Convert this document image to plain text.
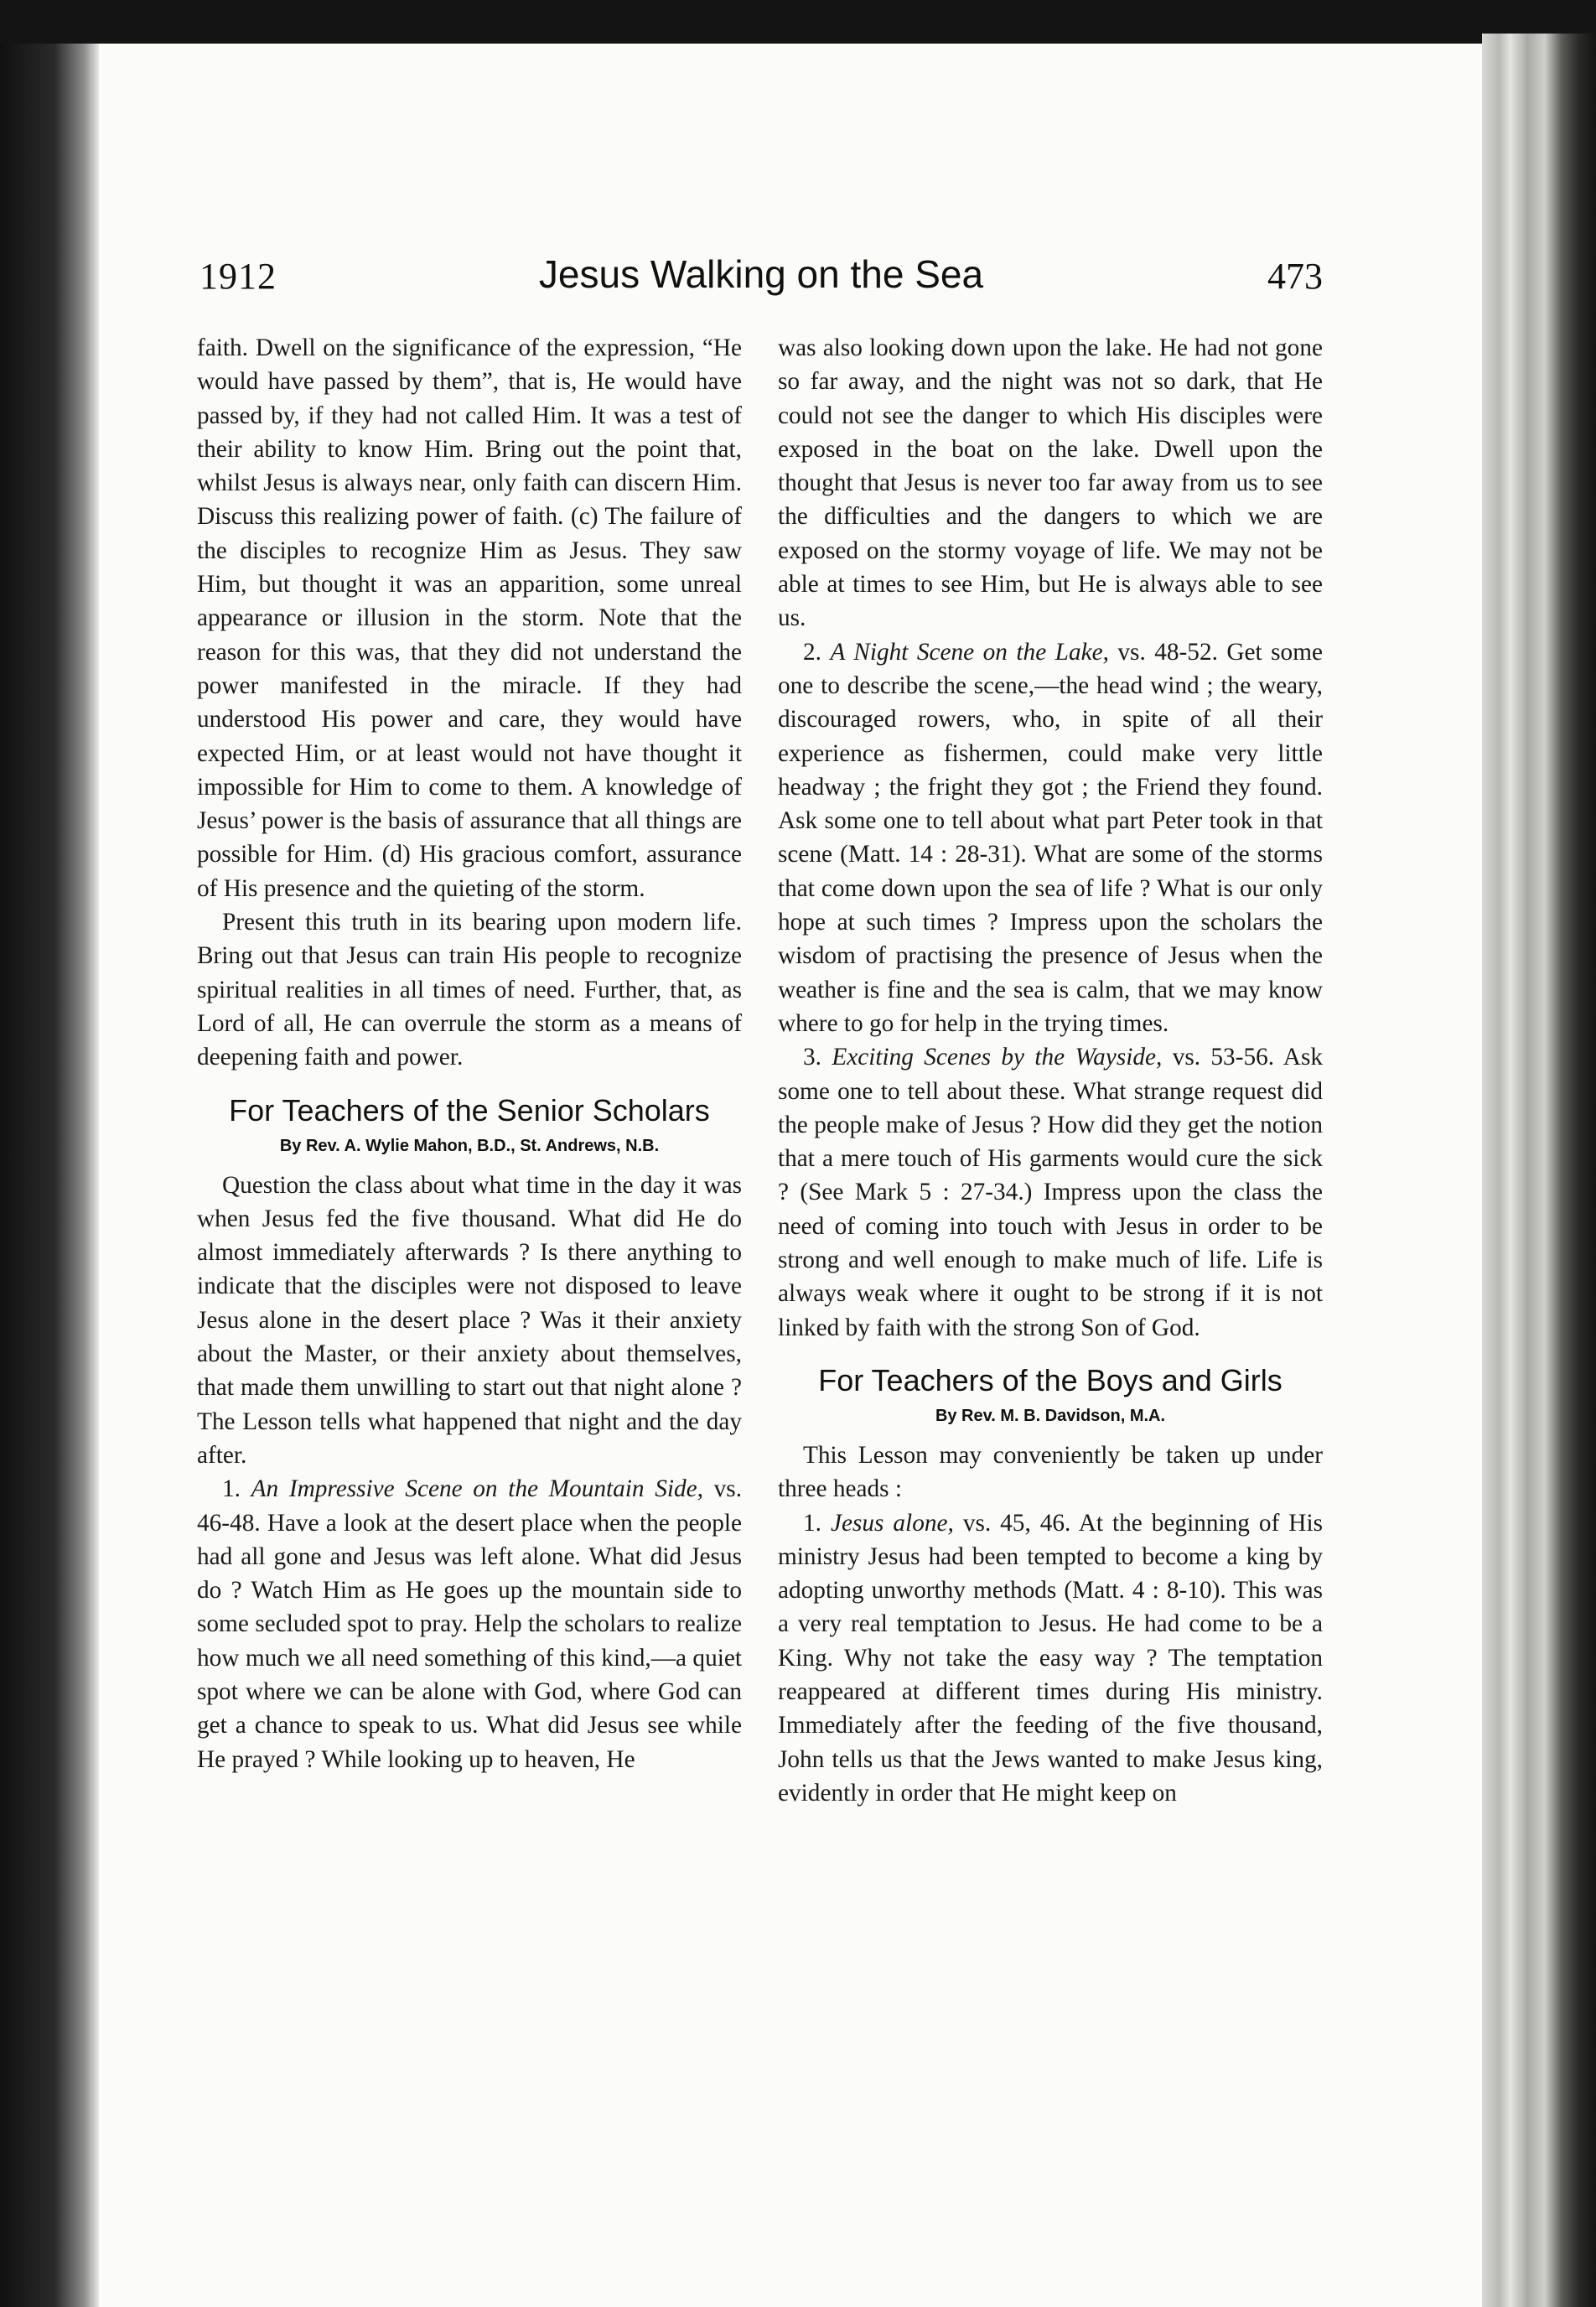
1912	Jesus Walking on the Sea	473

faith. Dwell on the significance of the expression, “He would have passed by them”, that is, He would have passed by, if they had not called Him. It was a test of their ability to know Him. Bring out the point that, whilst Jesus is always near, only faith can discern Him. Discuss this realizing power of faith. (c) The failure of the disciples to recognize Him as Jesus. They saw Him, but thought it was an apparition, some unreal appearance or illusion in the storm. Note that the reason for this was, that they did not understand the power manifested in the miracle. If they had understood His power and care, they would have expected Him, or at least would not have thought it impossible for Him to come to them. A knowledge of Jesus’ power is the basis of assurance that all things are possible for Him. (d) His gracious comfort, assurance of His presence and the quieting of the storm.

Present this truth in its bearing upon modern life. Bring out that Jesus can train His people to recognize spiritual realities in all times of need. Further, that, as Lord of all, He can overrule the storm as a means of deepening faith and power.

For Teachers of the Senior Scholars
By Rev. A. Wylie Mahon, B.D., St. Andrews, N.B.

Question the class about what time in the day it was when Jesus fed the five thousand. What did He do almost immediately afterwards ? Is there anything to indicate that the disciples were not disposed to leave Jesus alone in the desert place ? Was it their anxiety about the Master, or their anxiety about themselves, that made them unwilling to start out that night alone ? The Lesson tells what happened that night and the day after.

1. An Impressive Scene on the Mountain Side, vs. 46-48. Have a look at the desert place when the people had all gone and Jesus was left alone. What did Jesus do ? Watch Him as He goes up the mountain side to some secluded spot to pray. Help the scholars to realize how much we all need something of this kind,—a quiet spot where we can be alone with God, where God can get a chance to speak to us. What did Jesus see while He prayed ? While looking up to heaven, He

was also looking down upon the lake. He had not gone so far away, and the night was not so dark, that He could not see the danger to which His disciples were exposed in the boat on the lake. Dwell upon the thought that Jesus is never too far away from us to see the difficulties and the dangers to which we are exposed on the stormy voyage of life. We may not be able at times to see Him, but He is always able to see us.

2. A Night Scene on the Lake, vs. 48-52. Get some one to describe the scene,—the head wind ; the weary, discouraged rowers, who, in spite of all their experience as fishermen, could make very little headway ; the fright they got ; the Friend they found. Ask some one to tell about what part Peter took in that scene (Matt. 14 : 28-31). What are some of the storms that come down upon the sea of life ? What is our only hope at such times ? Impress upon the scholars the wisdom of practising the presence of Jesus when the weather is fine and the sea is calm, that we may know where to go for help in the trying times.

3. Exciting Scenes by the Wayside, vs. 53-56. Ask some one to tell about these. What strange request did the people make of Jesus ? How did they get the notion that a mere touch of His garments would cure the sick ? (See Mark 5 : 27-34.) Impress upon the class the need of coming into touch with Jesus in order to be strong and well enough to make much of life. Life is always weak where it ought to be strong if it is not linked by faith with the strong Son of God.

For Teachers of the Boys and Girls
By Rev. M. B. Davidson, M.A.

This Lesson may conveniently be taken up under three heads :

1. Jesus alone, vs. 45, 46. At the beginning of His ministry Jesus had been tempted to become a king by adopting unworthy methods (Matt. 4 : 8-10). This was a very real temptation to Jesus. He had come to be a King. Why not take the easy way ? The temptation reappeared at different times during His ministry. Immediately after the feeding of the five thousand, John tells us that the Jews wanted to make Jesus king, evidently in order that He might keep on
